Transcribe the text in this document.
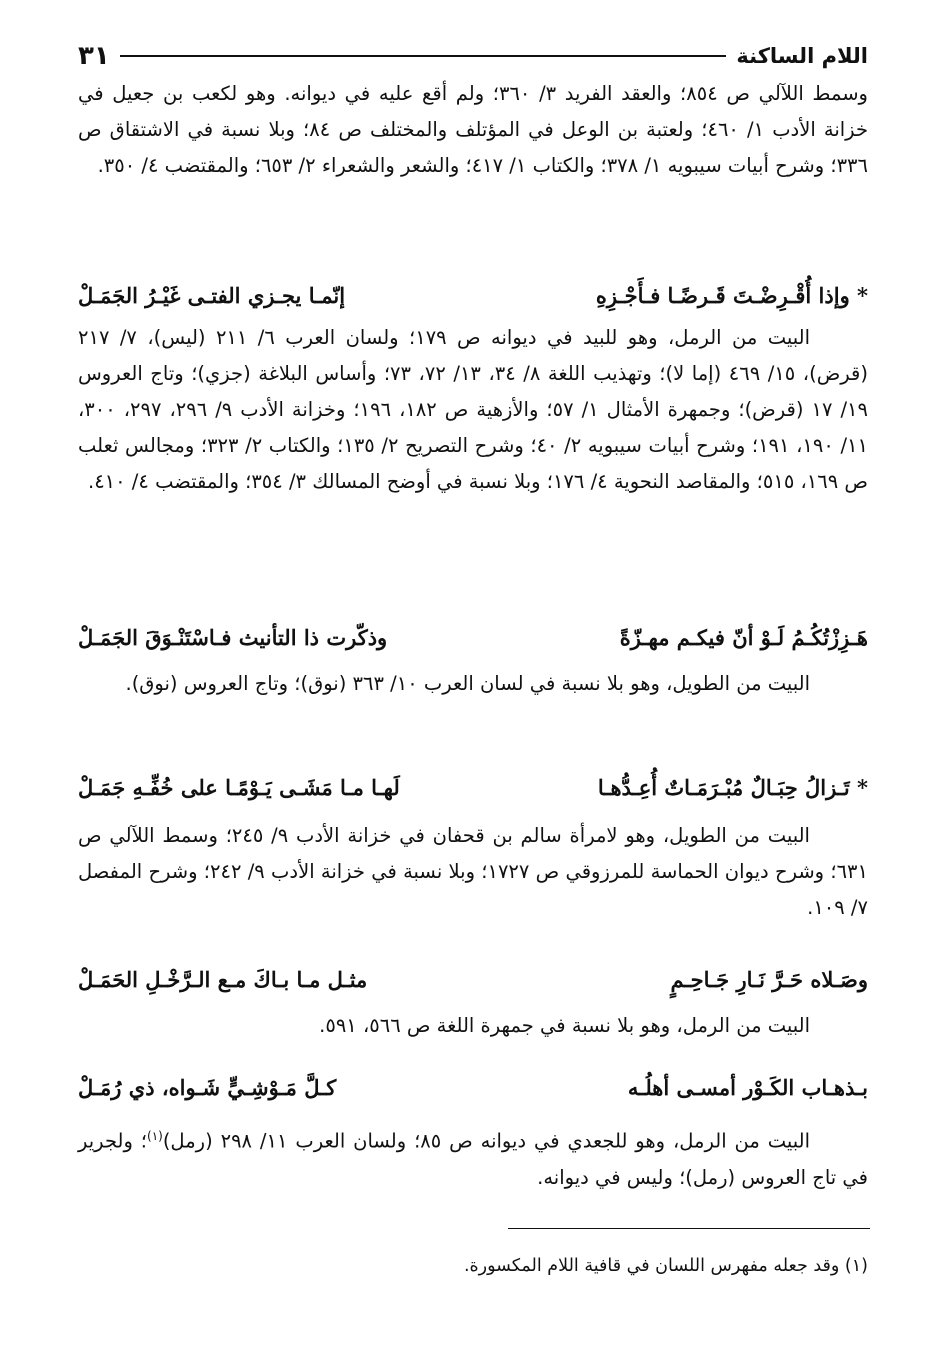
اللام الساكنة
٣١

وسمط اللآلي ص ٨٥٤؛ والعقد الفريد ٣/ ٣٦٠؛ ولم أقع عليه في ديوانه. وهو لكعب بن جعيل في خزانة الأدب ١/ ٤٦٠؛ ولعتبة بن الوعل في المؤتلف والمختلف ص ٨٤؛ وبلا نسبة في الاشتقاق ص ٣٣٦؛ وشرح أبيات سيبويه ١/ ٣٧٨؛ والكتاب ١/ ٤١٧؛ والشعر والشعراء ٢/ ٦٥٣؛ والمقتضب ٤/ ٣٥٠.

* وإذا أُقْـرِضْـتَ قَـرضًـا فـأَجْـزِهِ
إنّمـا يجـزي الفتـى غَيْـرُ الجَمَـلْ

البيت من الرمل، وهو للبيد في ديوانه ص ١٧٩؛ ولسان العرب ٦/ ٢١١ (ليس)، ٧/ ٢١٧ (قرض)، ١٥/ ٤٦٩ (إما لا)؛ وتهذيب اللغة ٨/ ٣٤، ١٣/ ٧٢، ٧٣؛ وأساس البلاغة (جزي)؛ وتاج العروس ١٩/ ١٧ (قرض)؛ وجمهرة الأمثال ١/ ٥٧؛ والأزهية ص ١٨٢، ١٩٦؛ وخزانة الأدب ٩/ ٢٩٦، ٢٩٧، ٣٠٠، ١١/ ١٩٠، ١٩١؛ وشرح أبيات سيبويه ٢/ ٤٠؛ وشرح التصريح ٢/ ١٣٥؛ والكتاب ٢/ ٣٢٣؛ ومجالس ثعلب ص ١٦٩، ٥١٥؛ والمقاصد النحوية ٤/ ١٧٦؛ وبلا نسبة في أوضح المسالك ٣/ ٣٥٤؛ والمقتضب ٤/ ٤١٠.

هَـزِزْتُكُـمُ لَـوْ أنّ فيكـم مهـزّةً
وذكّرت ذا التأنيث فـاسْتَنْـوَقَ الجَمَـلْ

البيت من الطويل، وهو بلا نسبة في لسان العرب ١٠/ ٣٦٣ (نوق)؛ وتاج العروس (نوق).

* تَـزالُ حِبَـالٌ مُبْـرَمَـاتٌ أُعِـدُّهـا
لَهـا مـا مَشَـى يَـوْمًـا على خُفِّـهِ جَمَـلْ

البيت من الطويل، وهو لامرأة سالم بن قحفان في خزانة الأدب ٩/ ٢٤٥؛ وسمط اللآلي ص ٦٣١؛ وشرح ديوان الحماسة للمرزوقي ص ١٧٢٧؛ وبلا نسبة في خزانة الأدب ٩/ ٢٤٢؛ وشرح المفصل ٧/ ١٠٩.

وصَـلاه حَـرَّ نَـارِ جَـاحِـمٍ
مثـل مـا بـاكَ مـع الـرَّخْـلِ الحَمَـلْ

البيت من الرمل، وهو بلا نسبة في جمهرة اللغة ص ٥٦٦، ٥٩١.

بـذهـاب الكَـوْر أمسـى أهلُـه
كـلَّ مَـوْشِـيٍّ شَـواه، ذي رُمَـلْ

البيت من الرمل، وهو للجعدي في ديوانه ص ٨٥؛ ولسان العرب ١١/ ٢٩٨ (رمل)$^{(١)}$؛ ولجرير في تاج العروس (رمل)؛ وليس في ديوانه.

(١) وقد جعله مفهرس اللسان في قافية اللام المكسورة.
